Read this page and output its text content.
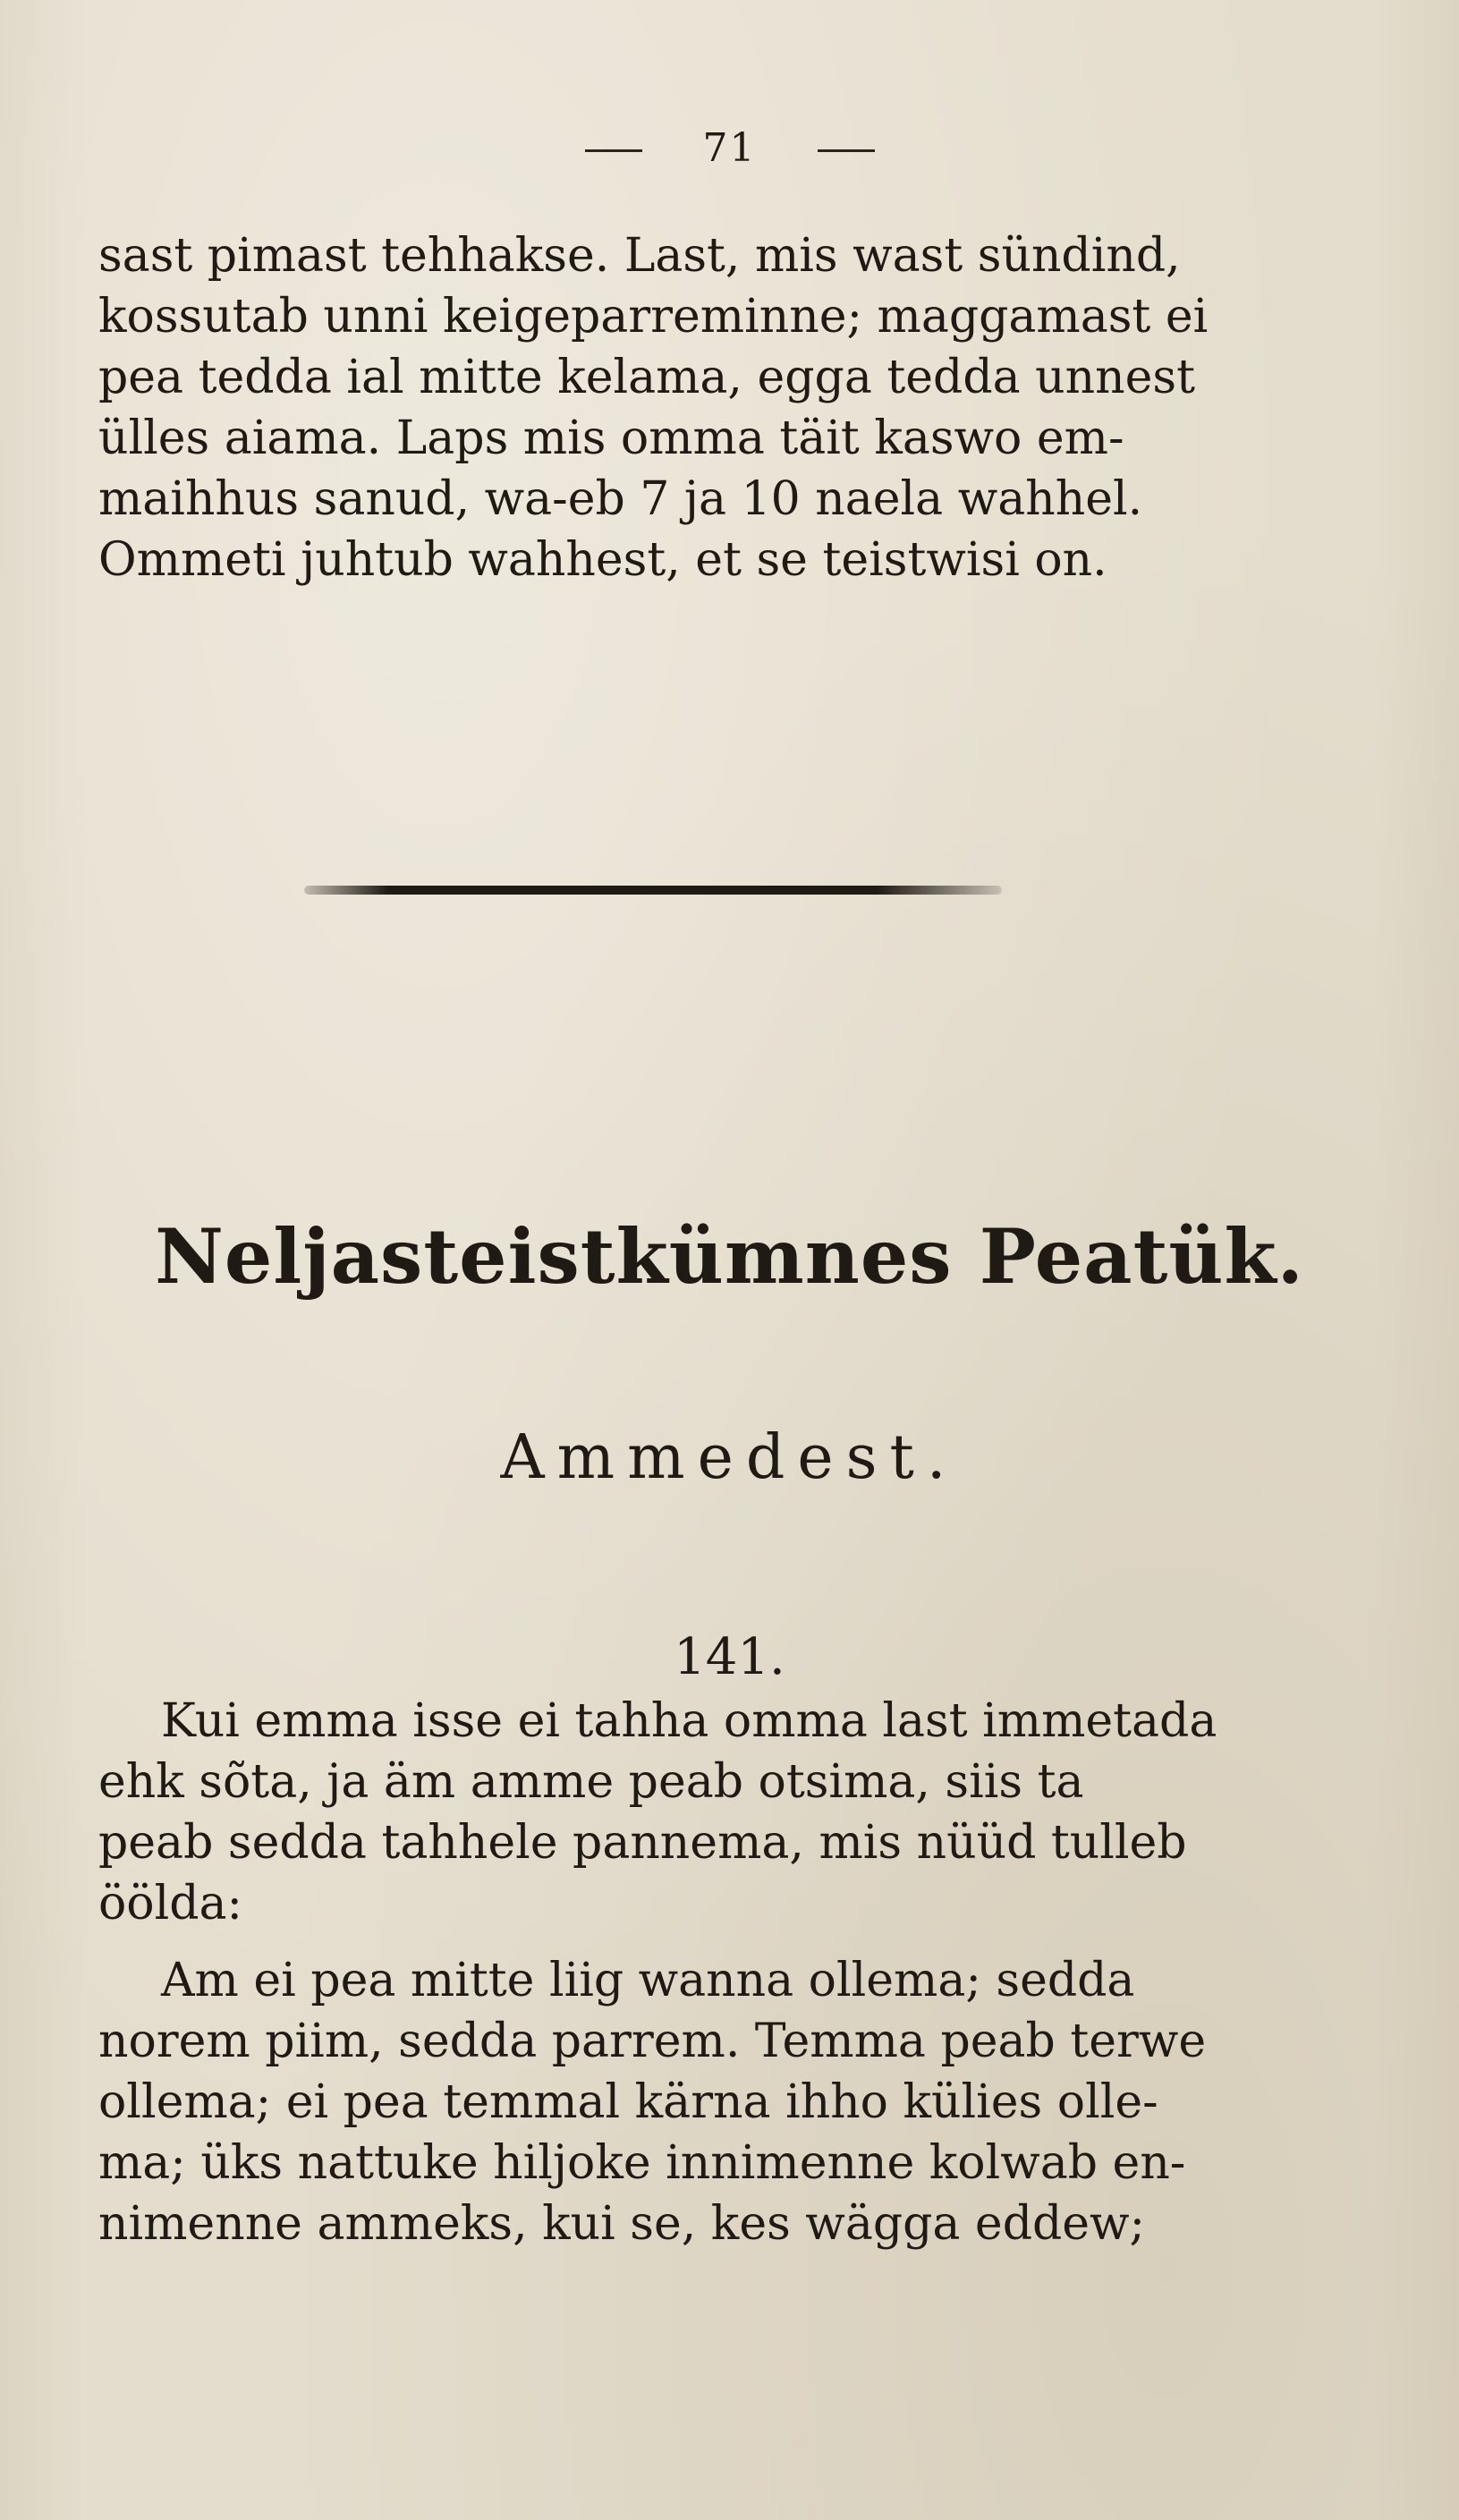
71
sast pimast tehhakse. Last, mis wast sündind,
kossutab unni keigeparreminne; maggamast ei
pea tedda ial mitte kelama, egga tedda unnest
ülles aiama. Laps mis omma täit kaswo em-
maihhus sanud, wa-eb 7 ja 10 naela wahhel.
Ommeti juhtub wahhest, et se teistwisi on.
Neljasteistkümnes Peatük.
Ammedest.
141.
Kui emma isse ei tahha omma last immetada
ehk sõta, ja äm amme peab otsima, siis ta
peab sedda tahhele pannema, mis nüüd tulleb
öölda:
Am ei pea mitte liig wanna ollema; sedda
norem piim, sedda parrem. Temma peab terwe
ollema; ei pea temmal kärna ihho külies olle-
ma; üks nattuke hiljoke innimenne kolwab en-
nimenne ammeks, kui se, kes wägga eddew;
